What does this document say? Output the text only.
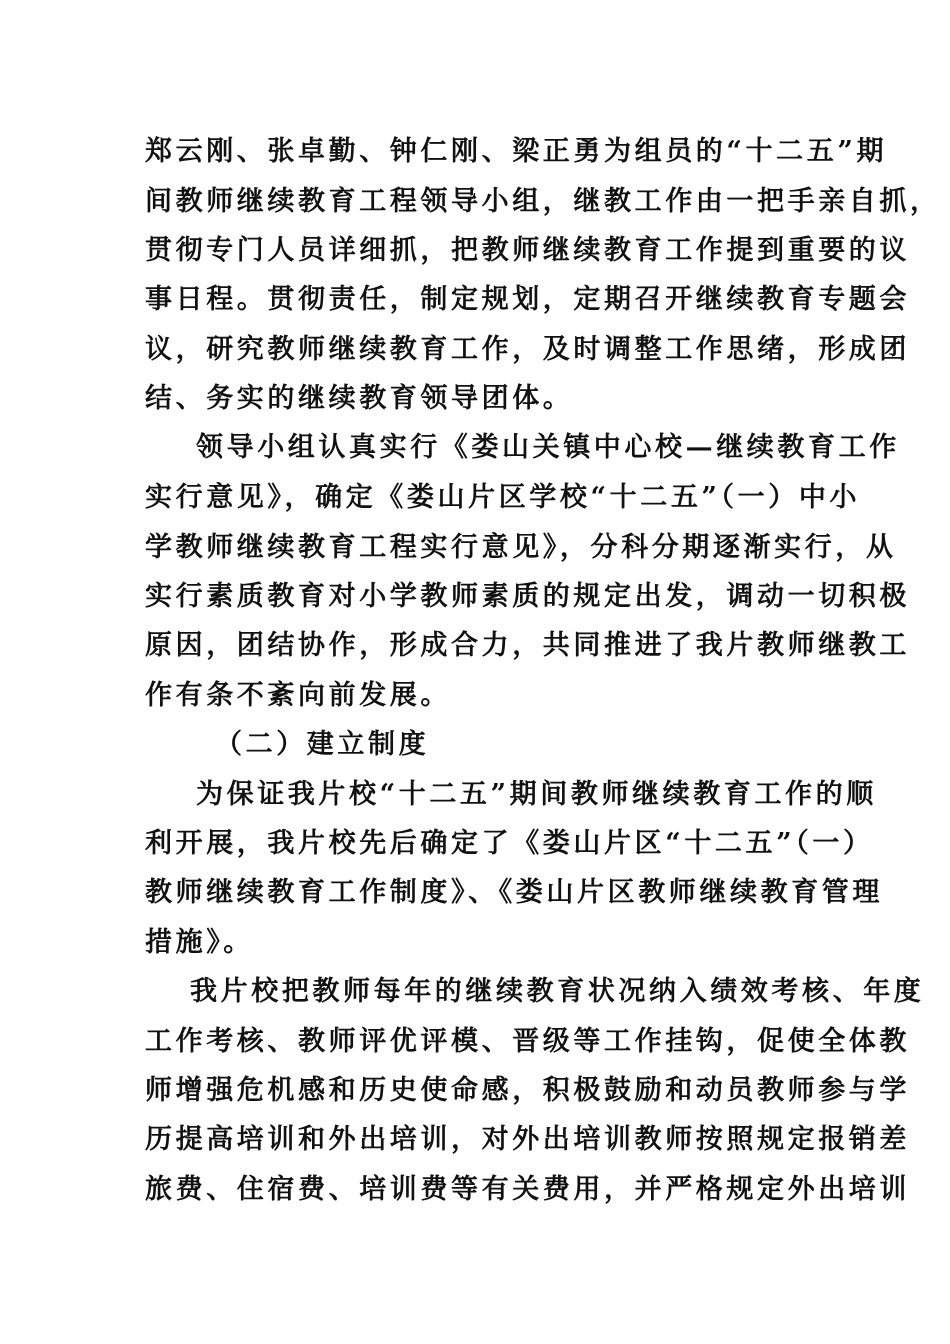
郑云刚、张卓勤、钟仁刚、梁正勇为组员的“十二五”期
间教师继续教育工程领导小组，继教工作由一把手亲自抓，
贯彻专门人员详细抓，把教师继续教育工作提到重要的议
事日程。贯彻责任，制定规划，定期召开继续教育专题会
议，研究教师继续教育工作，及时调整工作思绪，形成团
结、务实的继续教育领导团体。
领导小组认真实行《娄山关镇中心校—继续教育工作
实行意见》，确定《娄山片区学校“十二五”（一）中小
学教师继续教育工程实行意见》，分科分期逐渐实行，从
实行素质教育对小学教师素质的规定出发，调动一切积极
原因，团结协作，形成合力，共同推进了我片教师继教工
作有条不紊向前发展。
（二）建立制度
为保证我片校“十二五”期间教师继续教育工作的顺
利开展，我片校先后确定了《娄山片区“十二五”（一）
教师继续教育工作制度》、《娄山片区教师继续教育管理
措施》。
我片校把教师每年的继续教育状况纳入绩效考核、年度
工作考核、教师评优评模、晋级等工作挂钩，促使全体教
师增强危机感和历史使命感，积极鼓励和动员教师参与学
历提高培训和外出培训，对外出培训教师按照规定报销差
旅费、住宿费、培训费等有关费用，并严格规定外出培训
